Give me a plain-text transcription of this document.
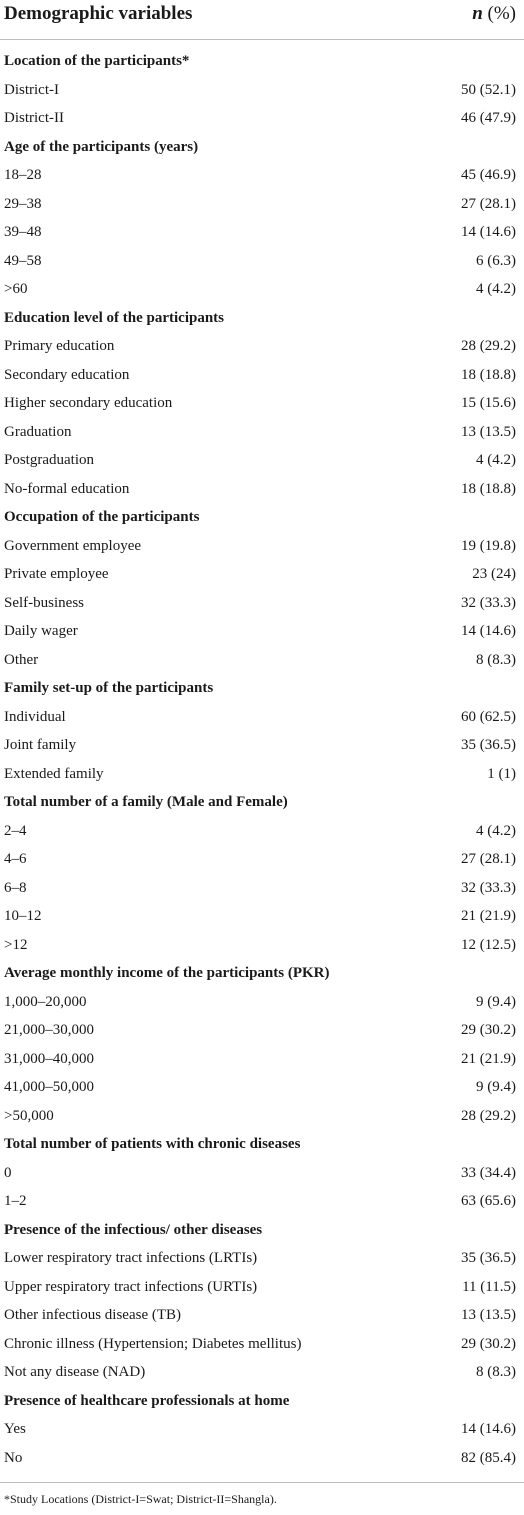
Demographic variables	n (%)
Location of the participants*
District-I	50 (52.1)
District-II	46 (47.9)
Age of the participants (years)
18–28	45 (46.9)
29–38	27 (28.1)
39–48	14 (14.6)
49–58	6 (6.3)
>60	4 (4.2)
Education level of the participants
Primary education	28 (29.2)
Secondary education	18 (18.8)
Higher secondary education	15 (15.6)
Graduation	13 (13.5)
Postgraduation	4 (4.2)
No-formal education	18 (18.8)
Occupation of the participants
Government employee	19 (19.8)
Private employee	23 (24)
Self-business	32 (33.3)
Daily wager	14 (14.6)
Other	8 (8.3)
Family set-up of the participants
Individual	60 (62.5)
Joint family	35 (36.5)
Extended family	1 (1)
Total number of a family (Male and Female)
2–4	4 (4.2)
4–6	27 (28.1)
6–8	32 (33.3)
10–12	21 (21.9)
>12	12 (12.5)
Average monthly income of the participants (PKR)
1,000–20,000	9 (9.4)
21,000–30,000	29 (30.2)
31,000–40,000	21 (21.9)
41,000–50,000	9 (9.4)
>50,000	28 (29.2)
Total number of patients with chronic diseases
0	33 (34.4)
1–2	63 (65.6)
Presence of the infectious/ other diseases
Lower respiratory tract infections (LRTIs)	35 (36.5)
Upper respiratory tract infections (URTIs)	11 (11.5)
Other infectious disease (TB)	13 (13.5)
Chronic illness (Hypertension; Diabetes mellitus)	29 (30.2)
Not any disease (NAD)	8 (8.3)
Presence of healthcare professionals at home
Yes	14 (14.6)
No	82 (85.4)
*Study Locations (District-I=Swat; District-II=Shangla).
